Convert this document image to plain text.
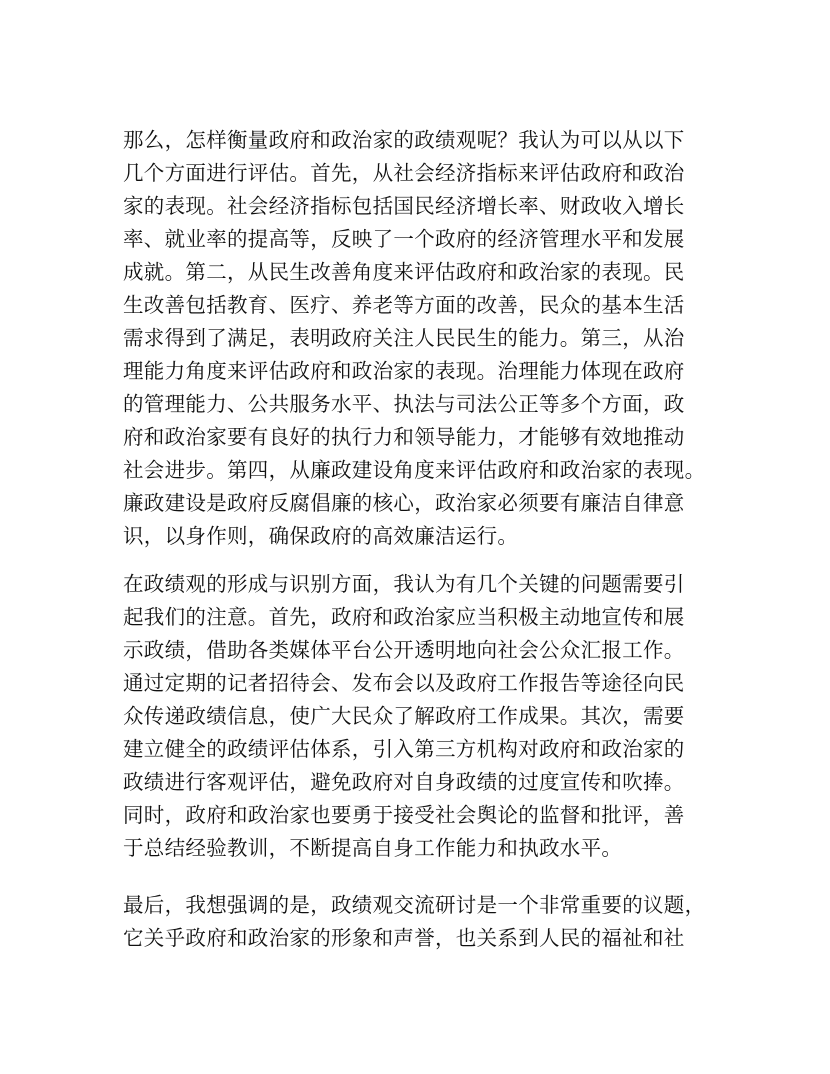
那么，怎样衡量政府和政治家的政绩观呢？我认为可以从以下
几个方面进行评估。首先，从社会经济指标来评估政府和政治
家的表现。社会经济指标包括国民经济增长率、财政收入增长
率、就业率的提高等，反映了一个政府的经济管理水平和发展
成就。第二，从民生改善角度来评估政府和政治家的表现。民
生改善包括教育、医疗、养老等方面的改善，民众的基本生活
需求得到了满足，表明政府关注人民民生的能力。第三，从治
理能力角度来评估政府和政治家的表现。治理能力体现在政府
的管理能力、公共服务水平、执法与司法公正等多个方面，政
府和政治家要有良好的执行力和领导能力，才能够有效地推动
社会进步。第四，从廉政建设角度来评估政府和政治家的表现。
廉政建设是政府反腐倡廉的核心，政治家必须要有廉洁自律意
识，以身作则，确保政府的高效廉洁运行。
在政绩观的形成与识别方面，我认为有几个关键的问题需要引
起我们的注意。首先，政府和政治家应当积极主动地宣传和展
示政绩，借助各类媒体平台公开透明地向社会公众汇报工作。
通过定期的记者招待会、发布会以及政府工作报告等途径向民
众传递政绩信息，使广大民众了解政府工作成果。其次，需要
建立健全的政绩评估体系，引入第三方机构对政府和政治家的
政绩进行客观评估，避免政府对自身政绩的过度宣传和吹捧。
同时，政府和政治家也要勇于接受社会舆论的监督和批评，善
于总结经验教训，不断提高自身工作能力和执政水平。
最后，我想强调的是，政绩观交流研讨是一个非常重要的议题，
它关乎政府和政治家的形象和声誉，也关系到人民的福祉和社
